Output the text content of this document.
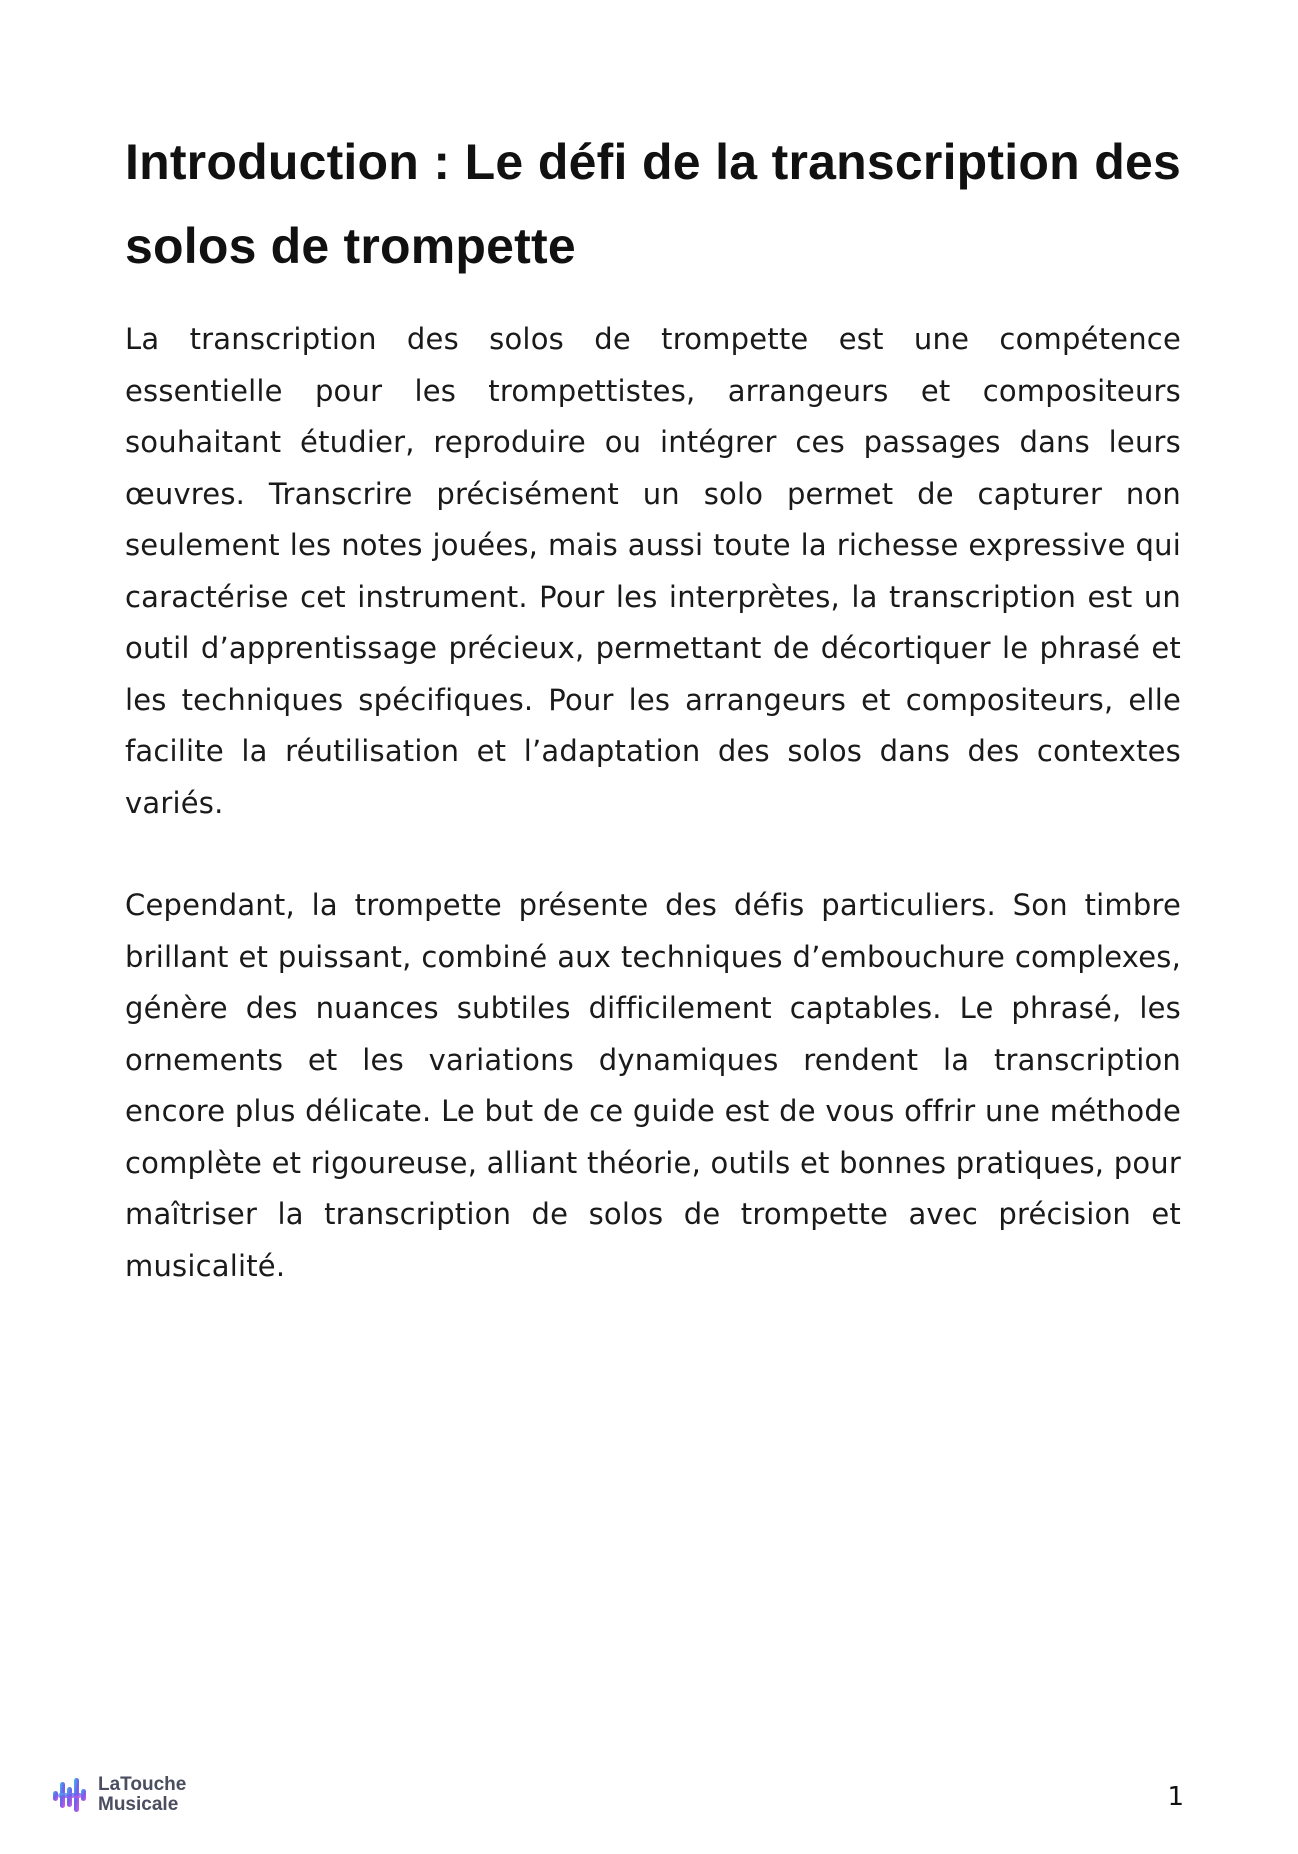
Introduction : Le défi de la transcription des solos de trompette

La transcription des solos de trompette est une compétence essentielle pour les trompettistes, arrangeurs et compositeurs souhaitant étudier, reproduire ou intégrer ces passages dans leurs œuvres. Transcrire précisément un solo permet de capturer non seulement les notes jouées, mais aussi toute la richesse expressive qui caractérise cet instrument. Pour les interprètes, la transcription est un outil d’apprentissage précieux, permettant de décortiquer le phrasé et les techniques spécifiques. Pour les arrangeurs et compositeurs, elle facilite la réutilisation et l’adaptation des solos dans des contextes variés.

Cependant, la trompette présente des défis particuliers. Son timbre brillant et puissant, combiné aux techniques d’embouchure complexes, génère des nuances subtiles difficilement captables. Le phrasé, les ornements et les variations dynamiques rendent la transcription encore plus délicate. Le but de ce guide est de vous offrir une méthode complète et rigoureuse, alliant théorie, outils et bonnes pratiques, pour maîtriser la transcription de solos de trompette avec précision et musicalité.

LaTouche
Musicale	1
